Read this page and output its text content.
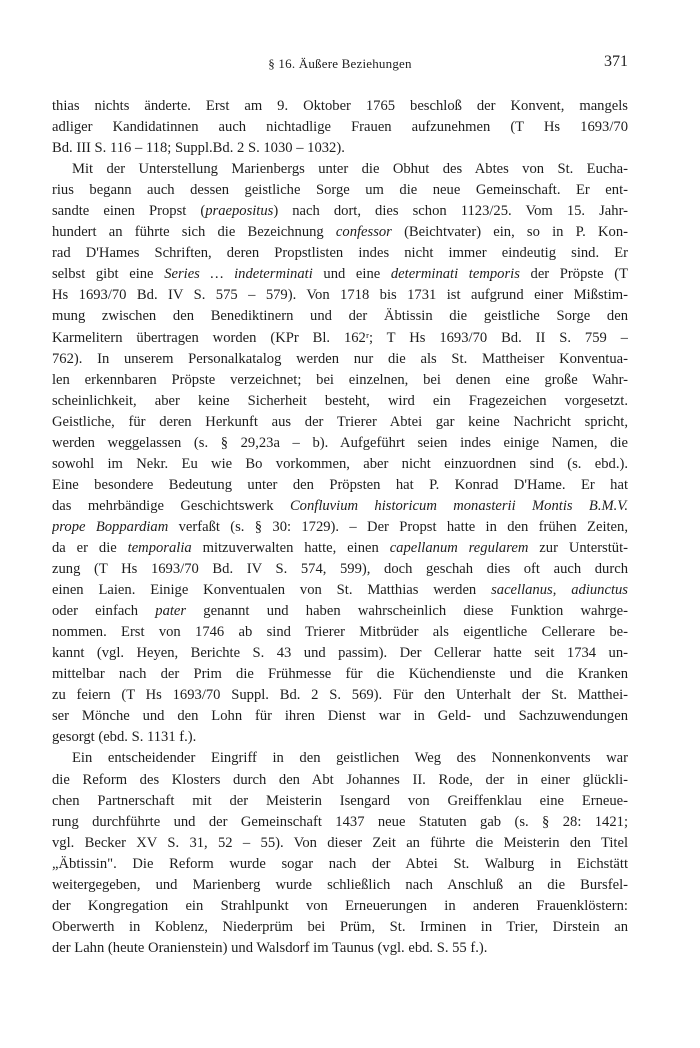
§ 16. Äußere Beziehungen	371

thias nichts änderte. Erst am 9. Oktober 1765 beschloß der Konvent, mangels
adliger Kandidatinnen auch nichtadlige Frauen aufzunehmen (T Hs 1693/70
Bd. III S. 116 – 118; Suppl.Bd. 2 S. 1030 – 1032).

Mit der Unterstellung Marienbergs unter die Obhut des Abtes von St. Eucha-
rius begann auch dessen geistliche Sorge um die neue Gemeinschaft. Er ent-
sandte einen Propst (praepositus) nach dort, dies schon 1123/25. Vom 15. Jahr-
hundert an führte sich die Bezeichnung confessor (Beichtvater) ein, so in P. Kon-
rad D'Hames Schriften, deren Propstlisten indes nicht immer eindeutig sind. Er
selbst gibt eine Series … indeterminati und eine determinati temporis der Pröpste (T
Hs 1693/70 Bd. IV S. 575 – 579). Von 1718 bis 1731 ist aufgrund einer Mißstim-
mung zwischen den Benediktinern und der Äbtissin die geistliche Sorge den
Karmelitern übertragen worden (KPr Bl. 162ʳ; T Hs 1693/70 Bd. II S. 759 –
762). In unserem Personalkatalog werden nur die als St. Mattheiser Konventua-
len erkennbaren Pröpste verzeichnet; bei einzelnen, bei denen eine große Wahr-
scheinlichkeit, aber keine Sicherheit besteht, wird ein Fragezeichen vorgesetzt.
Geistliche, für deren Herkunft aus der Trierer Abtei gar keine Nachricht spricht,
werden weggelassen (s. § 29,23a – b). Aufgeführt seien indes einige Namen, die
sowohl im Nekr. Eu wie Bo vorkommen, aber nicht einzuordnen sind (s. ebd.).
Eine besondere Bedeutung unter den Pröpsten hat P. Konrad D'Hame. Er hat
das mehrbändige Geschichtswerk Confluvium historicum monasterii Montis B.M.V.
prope Boppardiam verfaßt (s. § 30: 1729). – Der Propst hatte in den frühen Zeiten,
da er die temporalia mitzuverwalten hatte, einen capellanum regularem zur Unterstüt-
zung (T Hs 1693/70 Bd. IV S. 574, 599), doch geschah dies oft auch durch
einen Laien. Einige Konventualen von St. Matthias werden sacellanus, adiunctus
oder einfach pater genannt und haben wahrscheinlich diese Funktion wahrge-
nommen. Erst von 1746 ab sind Trierer Mitbrüder als eigentliche Cellerare be-
kannt (vgl. Heyen, Berichte S. 43 und passim). Der Cellerar hatte seit 1734 un-
mittelbar nach der Prim die Frühmesse für die Küchendienste und die Kranken
zu feiern (T Hs 1693/70 Suppl. Bd. 2 S. 569). Für den Unterhalt der St. Matthei-
ser Mönche und den Lohn für ihren Dienst war in Geld- und Sachzuwendungen
gesorgt (ebd. S. 1131 f.).

Ein entscheidender Eingriff in den geistlichen Weg des Nonnenkonvents war
die Reform des Klosters durch den Abt Johannes II. Rode, der in einer glückli-
chen Partnerschaft mit der Meisterin Isengard von Greiffenklau eine Erneue-
rung durchführte und der Gemeinschaft 1437 neue Statuten gab (s. § 28: 1421;
vgl. Becker XV S. 31, 52 – 55). Von dieser Zeit an führte die Meisterin den Titel
„Äbtissin". Die Reform wurde sogar nach der Abtei St. Walburg in Eichstätt
weitergegeben, und Marienberg wurde schließlich nach Anschluß an die Bursfel-
der Kongregation ein Strahlpunkt von Erneuerungen in anderen Frauenklöstern:
Oberwerth in Koblenz, Niederprüm bei Prüm, St. Irminen in Trier, Dirstein an
der Lahn (heute Oranienstein) und Walsdorf im Taunus (vgl. ebd. S. 55 f.).
